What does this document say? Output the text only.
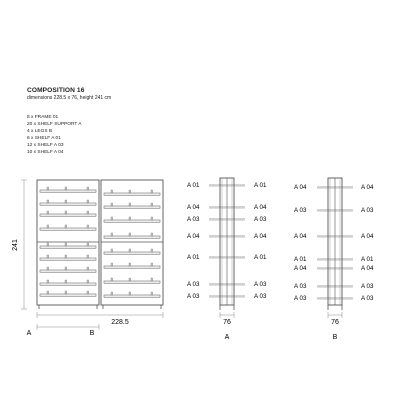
COMPOSITION 16
dimensions 228.5 x 76, height 241 cm
8 x FRAME 01
20 x SHELF SUPPORT A
4 x LEGS B
6 x SHELF A 01
12 x SHELF A 03
10 x SHELF A 04
241
228.5
A	B
A 01
A 04
A 03
A 04
A 01
A 03
A 03
A 01
A 04
A 03
A 04
A 01
A 03
A 03
76
A
A 04
A 03
A 04
A 01
A 04
A 03
A 03
A 04
A 03
A 04
A 01
A 04
A 03
A 03
76
B
